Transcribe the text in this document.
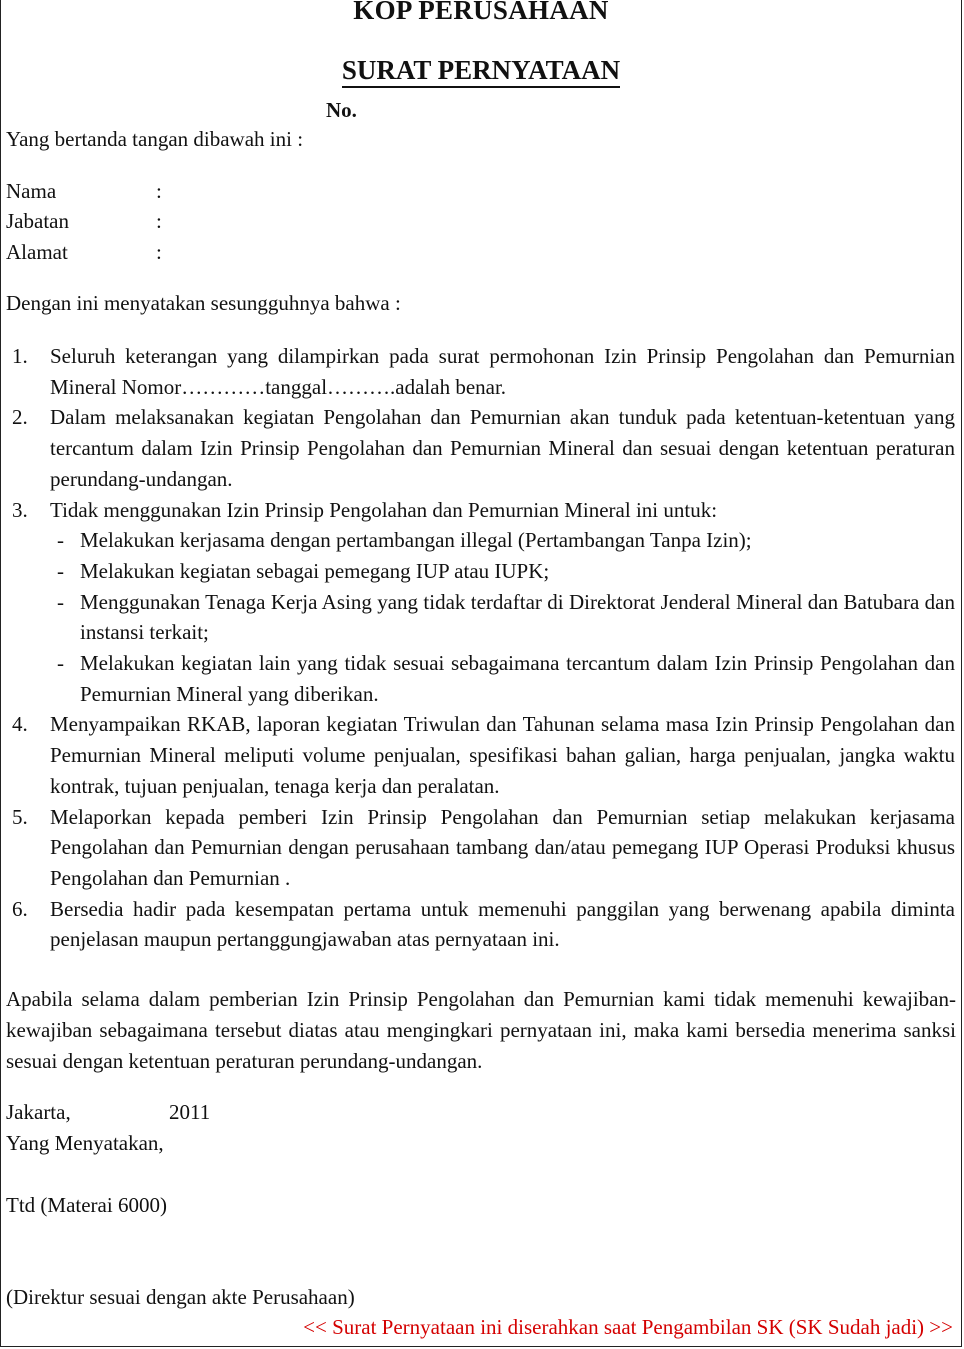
KOP PERUSAHAAN
SURAT PERNYATAAN
No.
Yang bertanda tangan dibawah ini :
Nama	:
Jabatan	:
Alamat	:
Dengan ini menyatakan sesungguhnya bahwa :
1. Seluruh keterangan yang dilampirkan pada surat permohonan Izin Prinsip Pengolahan dan Pemurnian Mineral Nomor…………tanggal……….adalah benar.
2. Dalam melaksanakan kegiatan Pengolahan dan Pemurnian akan tunduk pada ketentuan-ketentuan yang tercantum dalam Izin Prinsip Pengolahan dan Pemurnian Mineral dan sesuai dengan ketentuan peraturan perundang-undangan.
3. Tidak menggunakan Izin Prinsip Pengolahan dan Pemurnian Mineral ini untuk:
- Melakukan kerjasama dengan pertambangan illegal (Pertambangan Tanpa Izin);
- Melakukan kegiatan sebagai pemegang IUP atau IUPK;
- Menggunakan Tenaga Kerja Asing yang tidak terdaftar di Direktorat Jenderal Mineral dan Batubara dan instansi terkait;
- Melakukan kegiatan lain yang tidak sesuai sebagaimana tercantum dalam Izin Prinsip Pengolahan dan Pemurnian Mineral yang diberikan.
4. Menyampaikan RKAB, laporan kegiatan Triwulan dan Tahunan selama masa Izin Prinsip Pengolahan dan Pemurnian Mineral meliputi volume penjualan, spesifikasi bahan galian, harga penjualan, jangka waktu kontrak, tujuan penjualan, tenaga kerja dan peralatan.
5. Melaporkan kepada pemberi Izin Prinsip Pengolahan dan Pemurnian setiap melakukan kerjasama Pengolahan dan Pemurnian dengan perusahaan tambang dan/atau pemegang IUP Operasi Produksi khusus Pengolahan dan Pemurnian .
6. Bersedia hadir pada kesempatan pertama untuk memenuhi panggilan yang berwenang apabila diminta penjelasan maupun pertanggungjawaban atas pernyataan ini.
Apabila selama dalam pemberian Izin Prinsip Pengolahan dan Pemurnian kami tidak memenuhi kewajiban-kewajiban sebagaimana tersebut diatas atau mengingkari pernyataan ini, maka kami bersedia menerima sanksi sesuai dengan ketentuan peraturan perundang-undangan.
Jakarta,	2011
Yang Menyatakan,
Ttd (Materai 6000)
(Direktur sesuai dengan akte Perusahaan)
<< Surat Pernyataan ini diserahkan saat Pengambilan SK (SK Sudah jadi) >>
